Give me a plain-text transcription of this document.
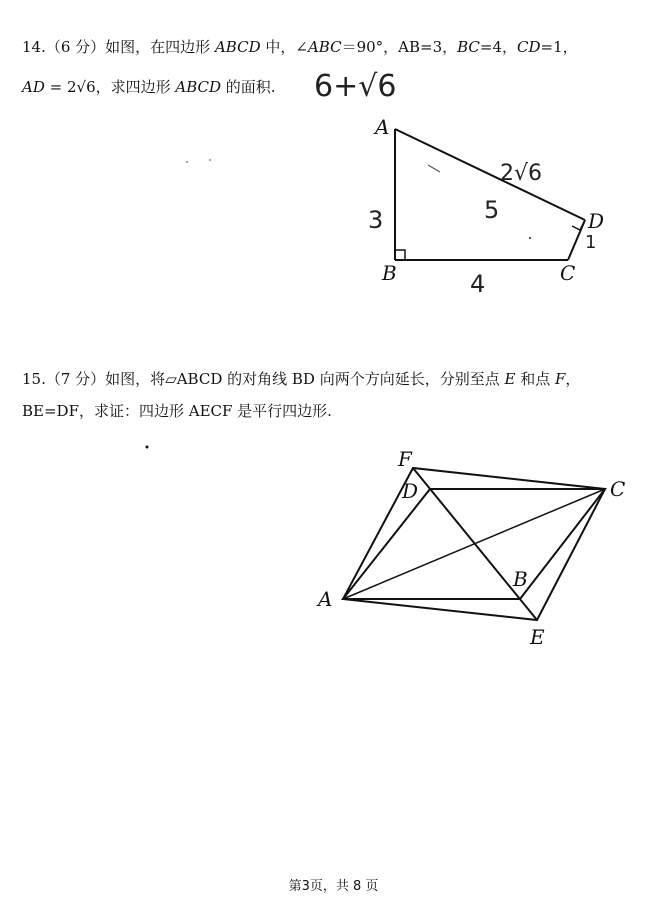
14.（6 分）如图，在四边形 ABCD 中，∠ABC＝90°，AB=3，BC=4，CD=1，
AD = 2√6，求四边形 ABCD 的面积. 6+√6
A
B	C
D
3
4
1
2√6
5
15.（7 分）如图，将▱ABCD 的对角线 BD 向两个方向延长，分别至点 E 和点 F，
BE=DF，求证：四边形 AECF 是平行四边形.
A
B
C
D
E
F
第3页，共 8 页
